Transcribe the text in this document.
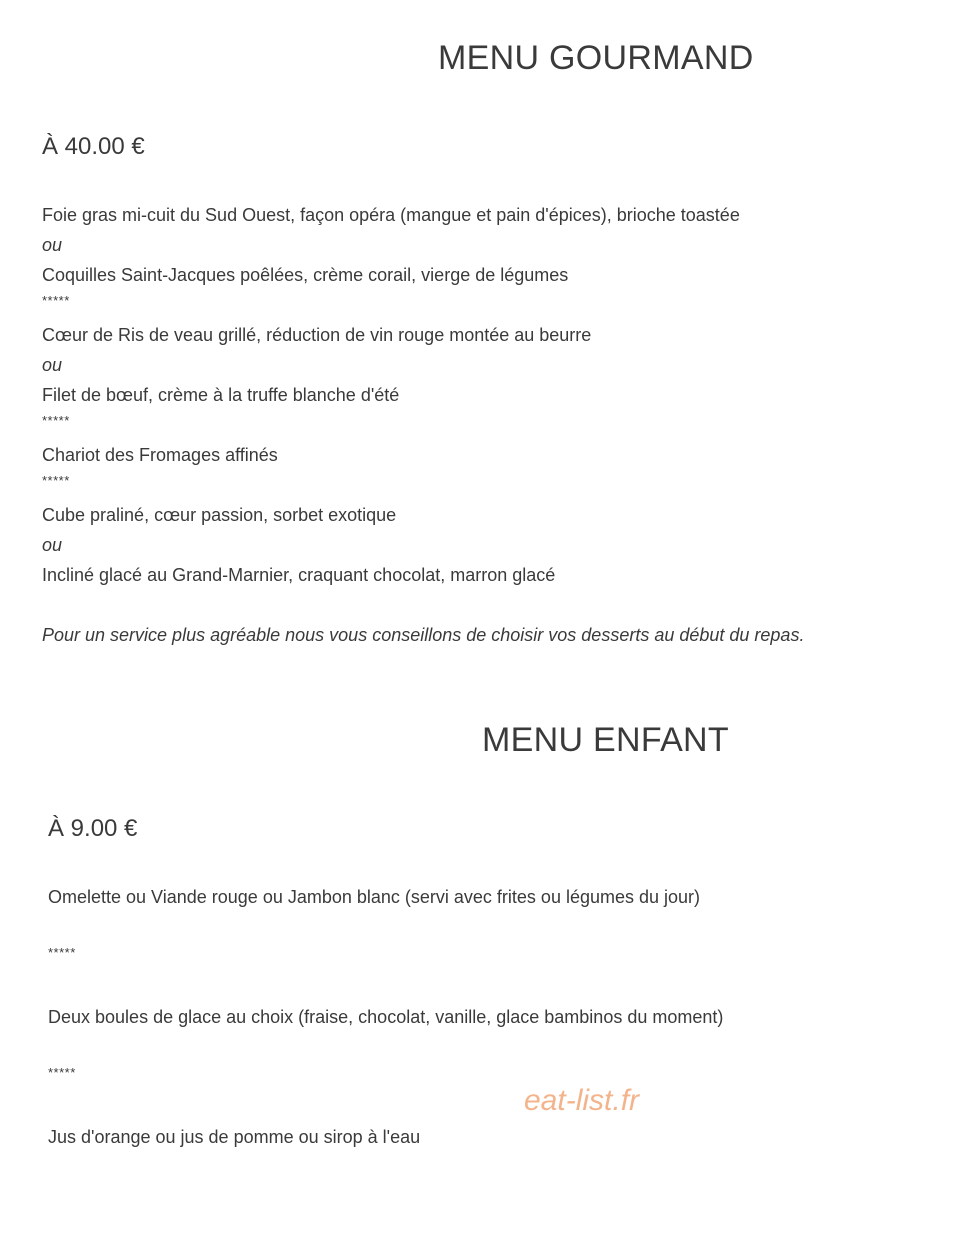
MENU GOURMAND
À 40.00 €
Foie gras mi-cuit du Sud Ouest, façon opéra (mangue et pain d'épices), brioche toastée
ou
Coquilles Saint-Jacques poêlées, crème corail, vierge de légumes
*****
Cœur de Ris de veau grillé, réduction de vin rouge montée au beurre
ou
Filet de bœuf, crème à la truffe blanche d'été
*****
Chariot des Fromages affinés
*****
Cube praliné, cœur passion, sorbet exotique
ou
Incliné glacé au Grand-Marnier, craquant chocolat, marron glacé
Pour un service plus agréable nous vous conseillons de choisir vos desserts au début du repas.
MENU ENFANT
À 9.00 €
Omelette ou Viande rouge ou Jambon blanc (servi avec frites ou légumes du jour)
*****
Deux boules de glace au choix (fraise, chocolat, vanille, glace bambinos du moment)
*****
Jus d'orange ou jus de pomme ou sirop à l'eau
eat-list.fr
